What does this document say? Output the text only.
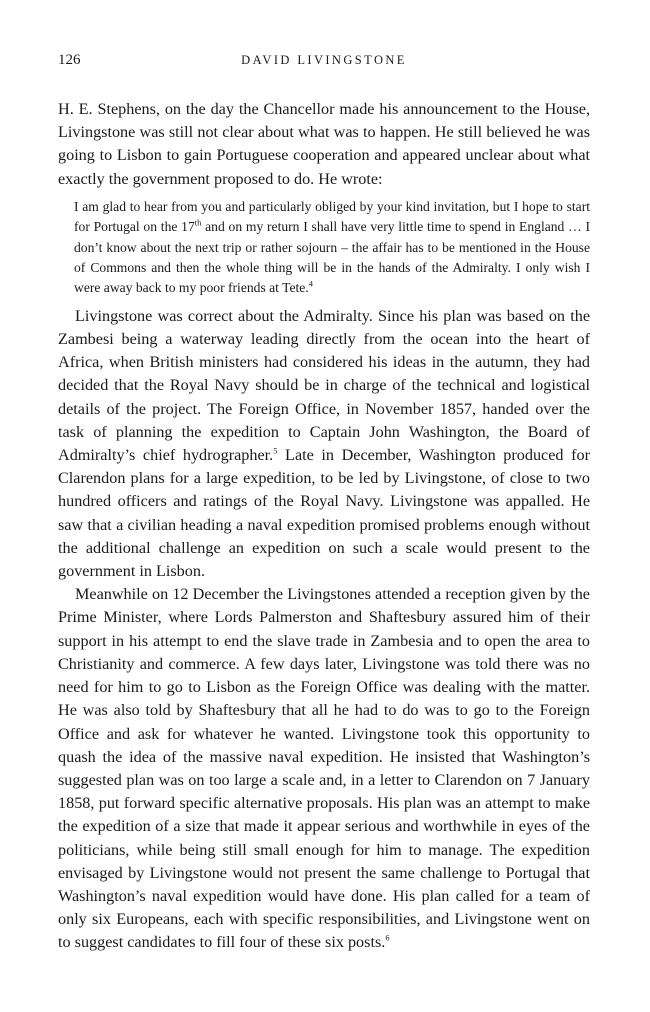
126	DAVID LIVINGSTONE

H. E. Stephens, on the day the Chancellor made his announcement to the House, Livingstone was still not clear about what was to happen. He still believed he was going to Lisbon to gain Portuguese cooperation and appeared unclear about what exactly the government proposed to do. He wrote:

I am glad to hear from you and particularly obliged by your kind invitation, but I hope to start for Portugal on the 17th and on my return I shall have very little time to spend in England … I don’t know about the next trip or rather sojourn – the affair has to be mentioned in the House of Commons and then the whole thing will be in the hands of the Admiralty. I only wish I were away back to my poor friends at Tete.$^4$

Livingstone was correct about the Admiralty. Since his plan was based on the Zambesi being a waterway leading directly from the ocean into the heart of Africa, when British ministers had considered his ideas in the autumn, they had decided that the Royal Navy should be in charge of the technical and logistical details of the project. The Foreign Office, in November 1857, handed over the task of planning the expedition to Captain John Washington, the Board of Admiralty’s chief hydrographer.$^5$ Late in December, Washington produced for Clarendon plans for a large expedition, to be led by Livingstone, of close to two hundred officers and ratings of the Royal Navy. Livingstone was appalled. He saw that a civilian heading a naval expedition promised problems enough without the additional challenge an expedition on such a scale would present to the government in Lisbon.

Meanwhile on 12 December the Livingstones attended a reception given by the Prime Minister, where Lords Palmerston and Shaftesbury assured him of their support in his attempt to end the slave trade in Zambesia and to open the area to Christianity and commerce. A few days later, Livingstone was told there was no need for him to go to Lisbon as the Foreign Office was dealing with the matter. He was also told by Shaftesbury that all he had to do was to go to the Foreign Office and ask for whatever he wanted. Livingstone took this opportunity to quash the idea of the massive naval expedition. He insisted that Washington’s suggested plan was on too large a scale and, in a letter to Clarendon on 7 January 1858, put forward specific alternative proposals. His plan was an attempt to make the expedition of a size that made it appear serious and worthwhile in eyes of the politicians, while being still small enough for him to manage. The expedition envisaged by Livingstone would not present the same challenge to Portugal that Washington’s naval expedition would have done. His plan called for a team of only six Europeans, each with specific responsibilities, and Livingstone went on to suggest candidates to fill four of these six posts.$^6$
